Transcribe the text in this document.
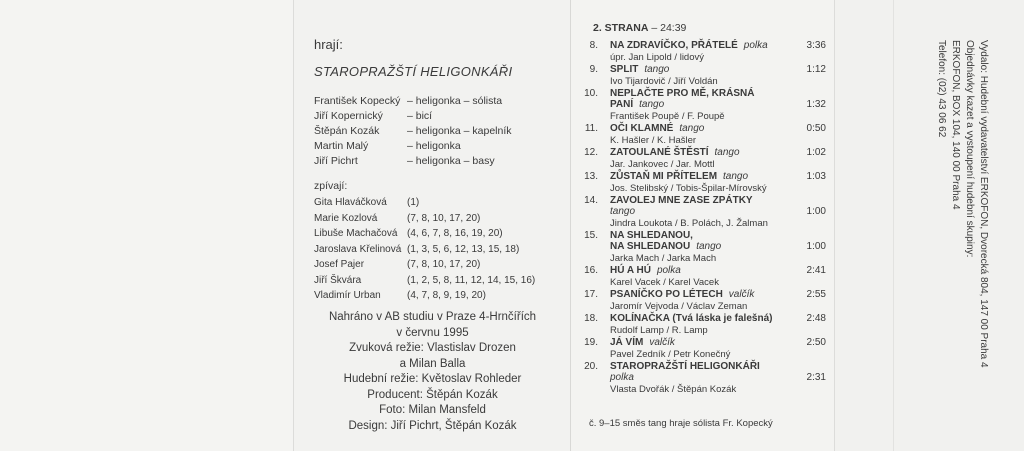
hrají:
STAROPRAŽŠTÍ HELIGONKÁŘI
František Kopecký – heligonka – sólista
Jiří Kopernický – bicí
Štěpán Kozák	– heligonka – kapelník
Martin Malý	– heligonka
Jiří Pichrt	– heligonka – basy
zpívají:
Gita Hlaváčková (1)
Marie Kozlová	(7, 8, 10, 17, 20)
Libuše Machačová (4, 6, 7, 8, 16, 19, 20)
Jaroslava Křelinová (1, 3, 5, 6, 12, 13, 15, 18)
Josef Pajer	(7, 8, 10, 17, 20)
Jiří Škvára	(1, 2, 5, 8, 11, 12, 14, 15, 16)
Vladimír Urban	(4, 7, 8, 9, 19, 20)
Nahráno v AB studiu v Praze 4-Hrnčířích
v červnu 1995
Zvuková režie: Vlastislav Drozen
a Milan Balla
Hudební režie: Květoslav Rohleder
Producent: Štěpán Kozák
Foto: Milan Mansfeld
Design: Jiří Pichrt, Štěpán Kozák
2. STRANA – 24:39
8. NA ZDRAVÍČKO, PŘÁTELÉ polka
úpr. Jan Lipold / lidový
3:36
9. SPLIT tango
Ivo Tijardovič / Jiří Voldán
1:12
10. NEPLAČTE PRO MĚ, KRÁSNÁ
PANÍ tango
František Poupě / F. Poupě
1:32
11. OČI KLAMNÉ tango
K. Hašler / K. Hašler
0:50
12. ZATOULANÉ ŠTĚSTÍ tango
Jar. Jankovec / Jar. Mottl
1:02
13. ZŮSTAŇ MI PŘÍTELEM tango
Jos. Stelibský / Tobis-Špilar-Mírovský
1:03
14. ZAVOLEJ MNE ZASE ZPÁTKY
tango
Jindra Loukota / B. Polách, J. Žalman
1:00
15. NA SHLEDANOU,
NA SHLEDANOU tango
Jarka Mach / Jarka Mach
1:00
16. HÚ A HÚ polka
Karel Vacek / Karel Vacek
2:41
17. PSANÍČKO PO LÉTECH valčík
Jaromír Vejvoda / Václav Zeman
2:55
18. KOLÍNAČKA (Tvá láska je falešná)
Rudolf Lamp / R. Lamp
2:48
19. JÁ VÍM valčík
Pavel Zedník / Petr Konečný
2:50
20. STAROPRAŽŠTÍ HELIGONKÁŘI
polka
Vlasta Dvořák / Štěpán Kozák
2:31
č. 9–15 směs tang hraje sólista Fr. Kopecký
Vydalo: Hudební vydavatelství ERKOFON, Dvorecká 804, 147 00 Praha 4
Objednávky kazet a vystoupení hudební skupiny:
ERKOFON, BOX 104, 140 00 Praha 4
Telefon: (02) 43 06 62
